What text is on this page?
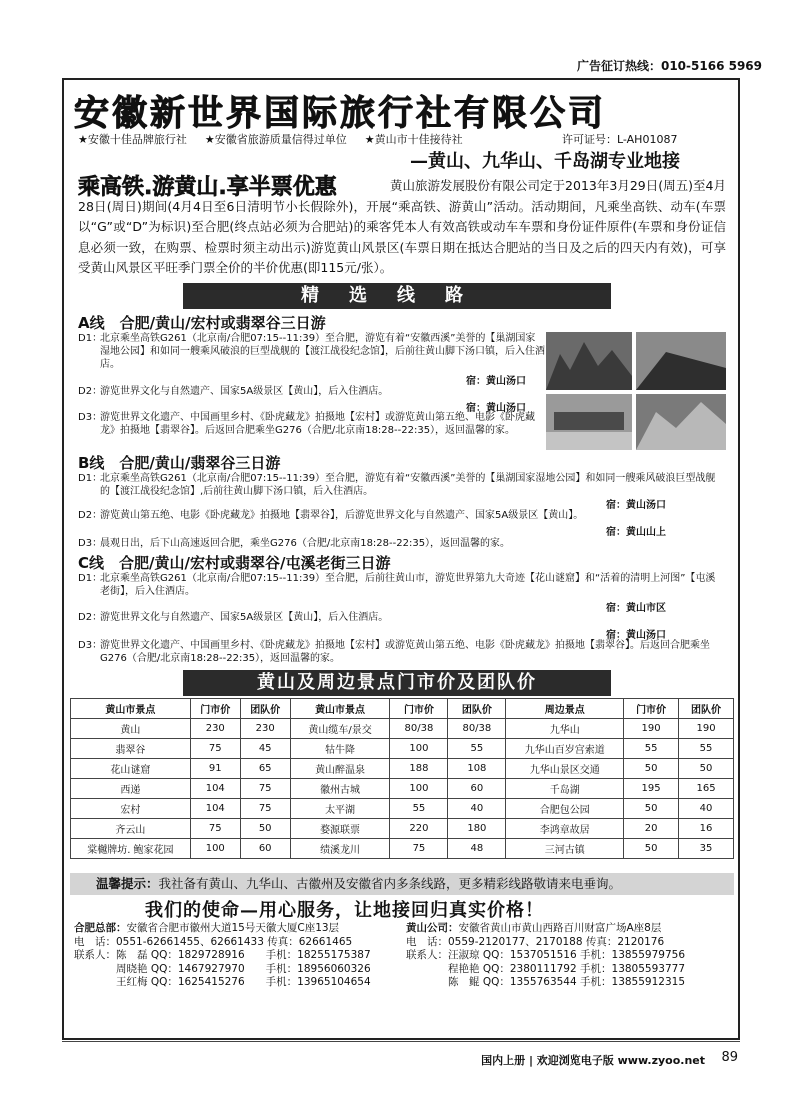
广告征订热线：010-5166 5969
安徽新世界国际旅行社有限公司
★安徽十佳品牌旅行社 ★安徽省旅游质量信得过单位 ★黄山市十佳接待社	许可证号：L-AH01087
—黄山、九华山、千岛湖专业地接
乘高铁.游黄山.享半票优惠	黄山旅游发展股份有限公司定于2013年3月29日(周五)至4月28日(周日)期间(4月4日至6日清明节小长假除外)，开展“乘高铁、游黄山”活动。活动期间，凡乘坐高铁、动车(车票以“G”或“D”为标识)至合肥(终点站必须为合肥站)的乘客凭本人有效高铁或动车车票和身份证件原件(车票和身份证信息必须一致，在购票、检票时须主动出示)游览黄山风景区(车票日期在抵达合肥站的当日及之后的四天内有效)，可享受黄山风景区平旺季门票全价的半价优惠(即115元/张）。
精选线路
A线　合肥/黄山/宏村或翡翠谷三日游
D1：北京乘坐高铁G261（北京南/合肥07:15--11:39）至合肥，游览有着“安徽西溪”美誉的【巢湖国家湿地公园】和如同一艘乘风破浪的巨型战舰的【渡江战役纪念馆】，后前往黄山脚下汤口镇，后入住酒店。
宿：黄山汤口
D2：游览世界文化与自然遗产、国家5A级景区【黄山】，后入住酒店。
宿：黄山汤口
D3：游览世界文化遗产、中国画里乡村、《卧虎藏龙》拍摄地【宏村】或游览黄山第五绝、电影《卧虎藏龙》拍摄地【翡翠谷】。后返回合肥乘坐G276（合肥/北京南18:28--22:35），返回温馨的家。
B线　合肥/黄山/翡翠谷三日游
D1：北京乘坐高铁G261（北京南/合肥07:15--11:39）至合肥，游览有着“安徽西溪”美誉的【巢湖国家湿地公园】和如同一艘乘风破浪巨型战舰的【渡江战役纪念馆】,后前往黄山脚下汤口镇，后入住酒店。
宿：黄山汤口
D2：游览黄山第五绝、电影《卧虎藏龙》拍摄地【翡翠谷】，后游览世界文化与自然遗产、国家5A级景区【黄山】。
宿：黄山山上
D3：晨观日出，后下山高速返回合肥，乘坐G276（合肥/北京南18:28--22:35），返回温馨的家。
C线　合肥/黄山/宏村或翡翠谷/屯溪老街三日游
D1：北京乘坐高铁G261（北京南/合肥07:15--11:39）至合肥，后前往黄山市，游览世界第九大奇迹【花山谜窟】和“活着的清明上河图”【屯溪老街】，后入住酒店。
宿：黄山市区
D2：游览世界文化与自然遗产、国家5A级景区【黄山】，后入住酒店。
宿：黄山汤口
D3：游览世界文化遗产、中国画里乡村、《卧虎藏龙》拍摄地【宏村】或游览黄山第五绝、电影《卧虎藏龙》拍摄地【翡翠谷】。后返回合肥乘坐G276（合肥/北京南18:28--22:35），返回温馨的家。
黄山及周边景点门市价及团队价
黄山市景点	门市价	团队价	黄山市景点	门市价	团队价	周边景点	门市价	团队价
黄山	230	230	黄山缆车/景交	80/38	80/38	九华山	190	190
翡翠谷	75	45	牯牛降	100	55	九华山百岁宫索道	55	55
花山谜窟	91	65	黄山醉温泉	188	108	九华山景区交通	50	50
西递	104	75	徽州古城	100	60	千岛湖	195	165
宏村	104	75	太平湖	55	40	合肥包公园	50	40
齐云山	75	50	婺源联票	220	180	李鸿章故居	20	16
棠樾牌坊. 鲍家花园	100	60	绩溪龙川	75	48	三河古镇	50	35
温馨提示：我社备有黄山、九华山、古徽州及安徽省内多条线路，更多精彩线路敬请来电垂询。
我们的使命—用心服务，让地接回归真实价格！
合肥总部：安徽省合肥市徽州大道15号天徽大厦C座13层
电　话：0551-62661455、62661433 传真：62661465
联系人：陈　磊 QQ：1829728916　　手机：18255175387
　　　　周晓艳 QQ：1467927970　　手机：18956060326
　　　　王红梅 QQ：1625415276　　手机：13965104654
黄山公司：安徽省黄山市黄山西路百川财富广场A座8层
电　话：0559-2120177、2170188 传真：2120176
联系人：汪淑琼 QQ：1537051516 手机：13855979756
　　　　程艳艳 QQ：2380111792 手机：13805593777
　　　　陈　鲲 QQ：1355763544 手机：13855912315
国内上册 | 欢迎浏览电子版 www.zyoo.net 89
